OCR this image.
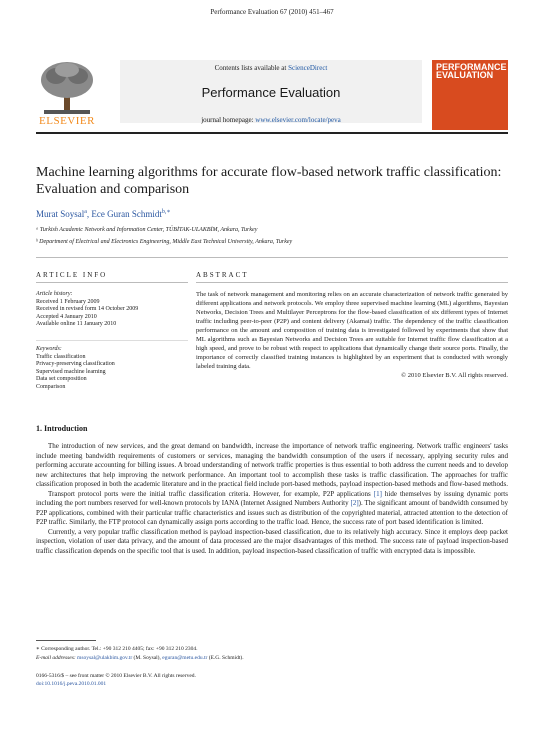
Performance Evaluation 67 (2010) 451–467
ELSEVIER
Contents lists available at ScienceDirect
Performance Evaluation
journal homepage: www.elsevier.com/locate/peva
PERFORMANCE EVALUATION
Machine learning algorithms for accurate flow-based network traffic classification: Evaluation and comparison
Murat Soysal$^a$, Ece Guran Schmidt$^{b,∗}$
ᵃ Turkish Academic Network and Information Center, TÜBİTAK-ULAKBİM, Ankara, Turkey
ᵇ Department of Electrical and Electronics Engineering, Middle East Technical University, Ankara, Turkey
ARTICLE INFO
Article history:
Received 1 February 2009
Received in revised form 14 October 2009
Accepted 4 January 2010
Available online 11 January 2010
Keywords:
Traffic classification
Privacy-preserving classification
Supervised machine learning
Data set composition
Comparison
ABSTRACT
The task of network management and monitoring relies on an accurate characterization of network traffic generated by different applications and network protocols. We employ three supervised machine learning (ML) algorithms, Bayesian Networks, Decision Trees and Multilayer Perceptrons for the flow-based classification of six different types of Internet traffic including peer-to-peer (P2P) and content delivery (Akamai) traffic. The dependency of the traffic classification performance on the amount and composition of training data is investigated followed by experiments that show that ML algorithms such as Bayesian Networks and Decision Trees are suitable for Internet traffic flow classification at a high speed, and prove to be robust with respect to applications that dynamically change their source ports. Finally, the importance of correctly classified training instances is highlighted by an experiment that is conducted with wrongly labeled training data.
© 2010 Elsevier B.V. All rights reserved.
1. Introduction

The introduction of new services, and the great demand on bandwidth, increase the importance of network traffic engineering. Network traffic engineers' tasks include meeting bandwidth requirements of customers or services, managing the bandwidth consumption of the users if necessary, applying security rules and performing accurate accounting for billing issues. A broad understanding of network traffic properties is thus essential to both address the current needs and to develop new architectures that help improving the network performance. An important tool to accomplish these tasks is traffic classification. The approaches for traffic classification proposed in both the academic literature and in the practical field include port-based methods, payload inspection-based methods and flow-based methods.

Transport protocol ports were the initial traffic classification criteria. However, for example, P2P applications [1] hide themselves by issuing dynamic ports including the port numbers reserved for well-known protocols by IANA (Internet Assigned Numbers Authority [2]). The significant amount of bandwidth consumed by P2P applications, combined with their particular traffic characteristics and issues such as distribution of the copyrighted material, attracted attention to the detection of P2P traffic. Similarly, the FTP protocol can dynamically assign ports according to the traffic load. Hence, the success rate of port based identification is limited.

Currently, a very popular traffic classification method is payload inspection-based classification, due to its relatively high accuracy. Since it employs deep packet inspection, violation of user data privacy, and the amount of data processed are the major disadvantages of this method. The success rate of payload inspection-based traffic classification depends on the specific tool that is used. In addition, payload inspection-based classification of traffic with encrypted data is impossible.

∗ Corresponding author. Tel.: +90 312 210 4405; fax: +90 312 210 2304.
E-mail addresses: msoysal@ulakbim.gov.tr (M. Soysal), eguran@metu.edu.tr (E.G. Schmidt).
0166-5316/$ – see front matter © 2010 Elsevier B.V. All rights reserved.
doi:10.1016/j.peva.2010.01.001
